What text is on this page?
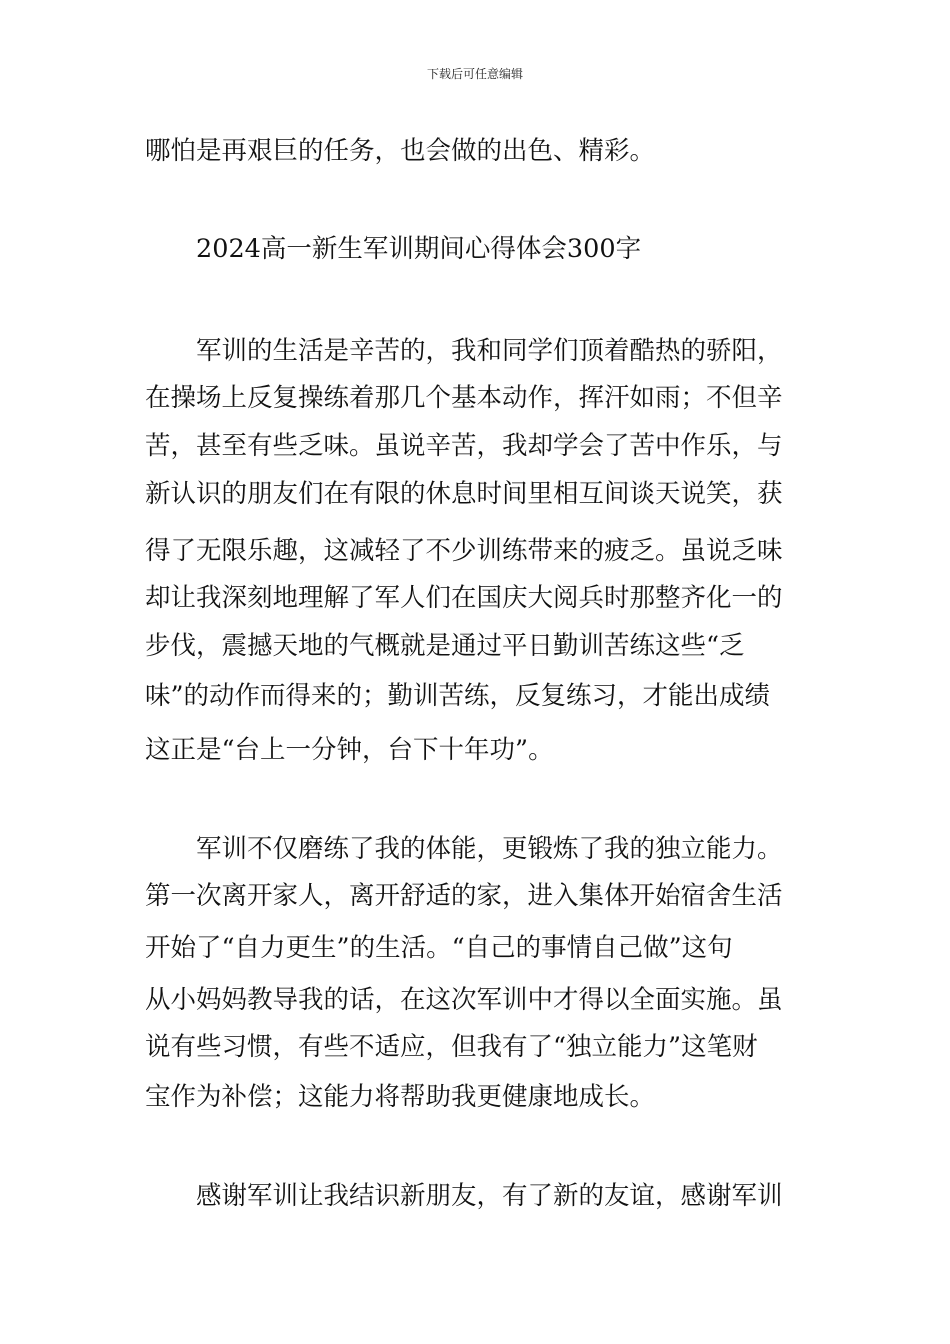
下载后可任意编辑
哪怕是再艰巨的任务，也会做的出色、精彩。
2024高一新生军训期间心得体会300字
军训的生活是辛苦的，我和同学们顶着酷热的骄阳，
在操场上反复操练着那几个基本动作，挥汗如雨；不但辛
苦，甚至有些乏味。虽说辛苦，我却学会了苦中作乐，与
新认识的朋友们在有限的休息时间里相互间谈天说笑，获
得了无限乐趣，这减轻了不少训练带来的疲乏。虽说乏味
却让我深刻地理解了军人们在国庆大阅兵时那整齐化一的
步伐，震撼天地的气概就是通过平日勤训苦练这些“乏
味”的动作而得来的；勤训苦练，反复练习，才能出成绩
这正是“台上一分钟，台下十年功”。
军训不仅磨练了我的体能，更锻炼了我的独立能力。
第一次离开家人，离开舒适的家，进入集体开始宿舍生活
开始了“自力更生”的生活。“自己的事情自己做”这句
从小妈妈教导我的话，在这次军训中才得以全面实施。虽
说有些习惯，有些不适应，但我有了“独立能力”这笔财
宝作为补偿；这能力将帮助我更健康地成长。
感谢军训让我结识新朋友，有了新的友谊，感谢军训
